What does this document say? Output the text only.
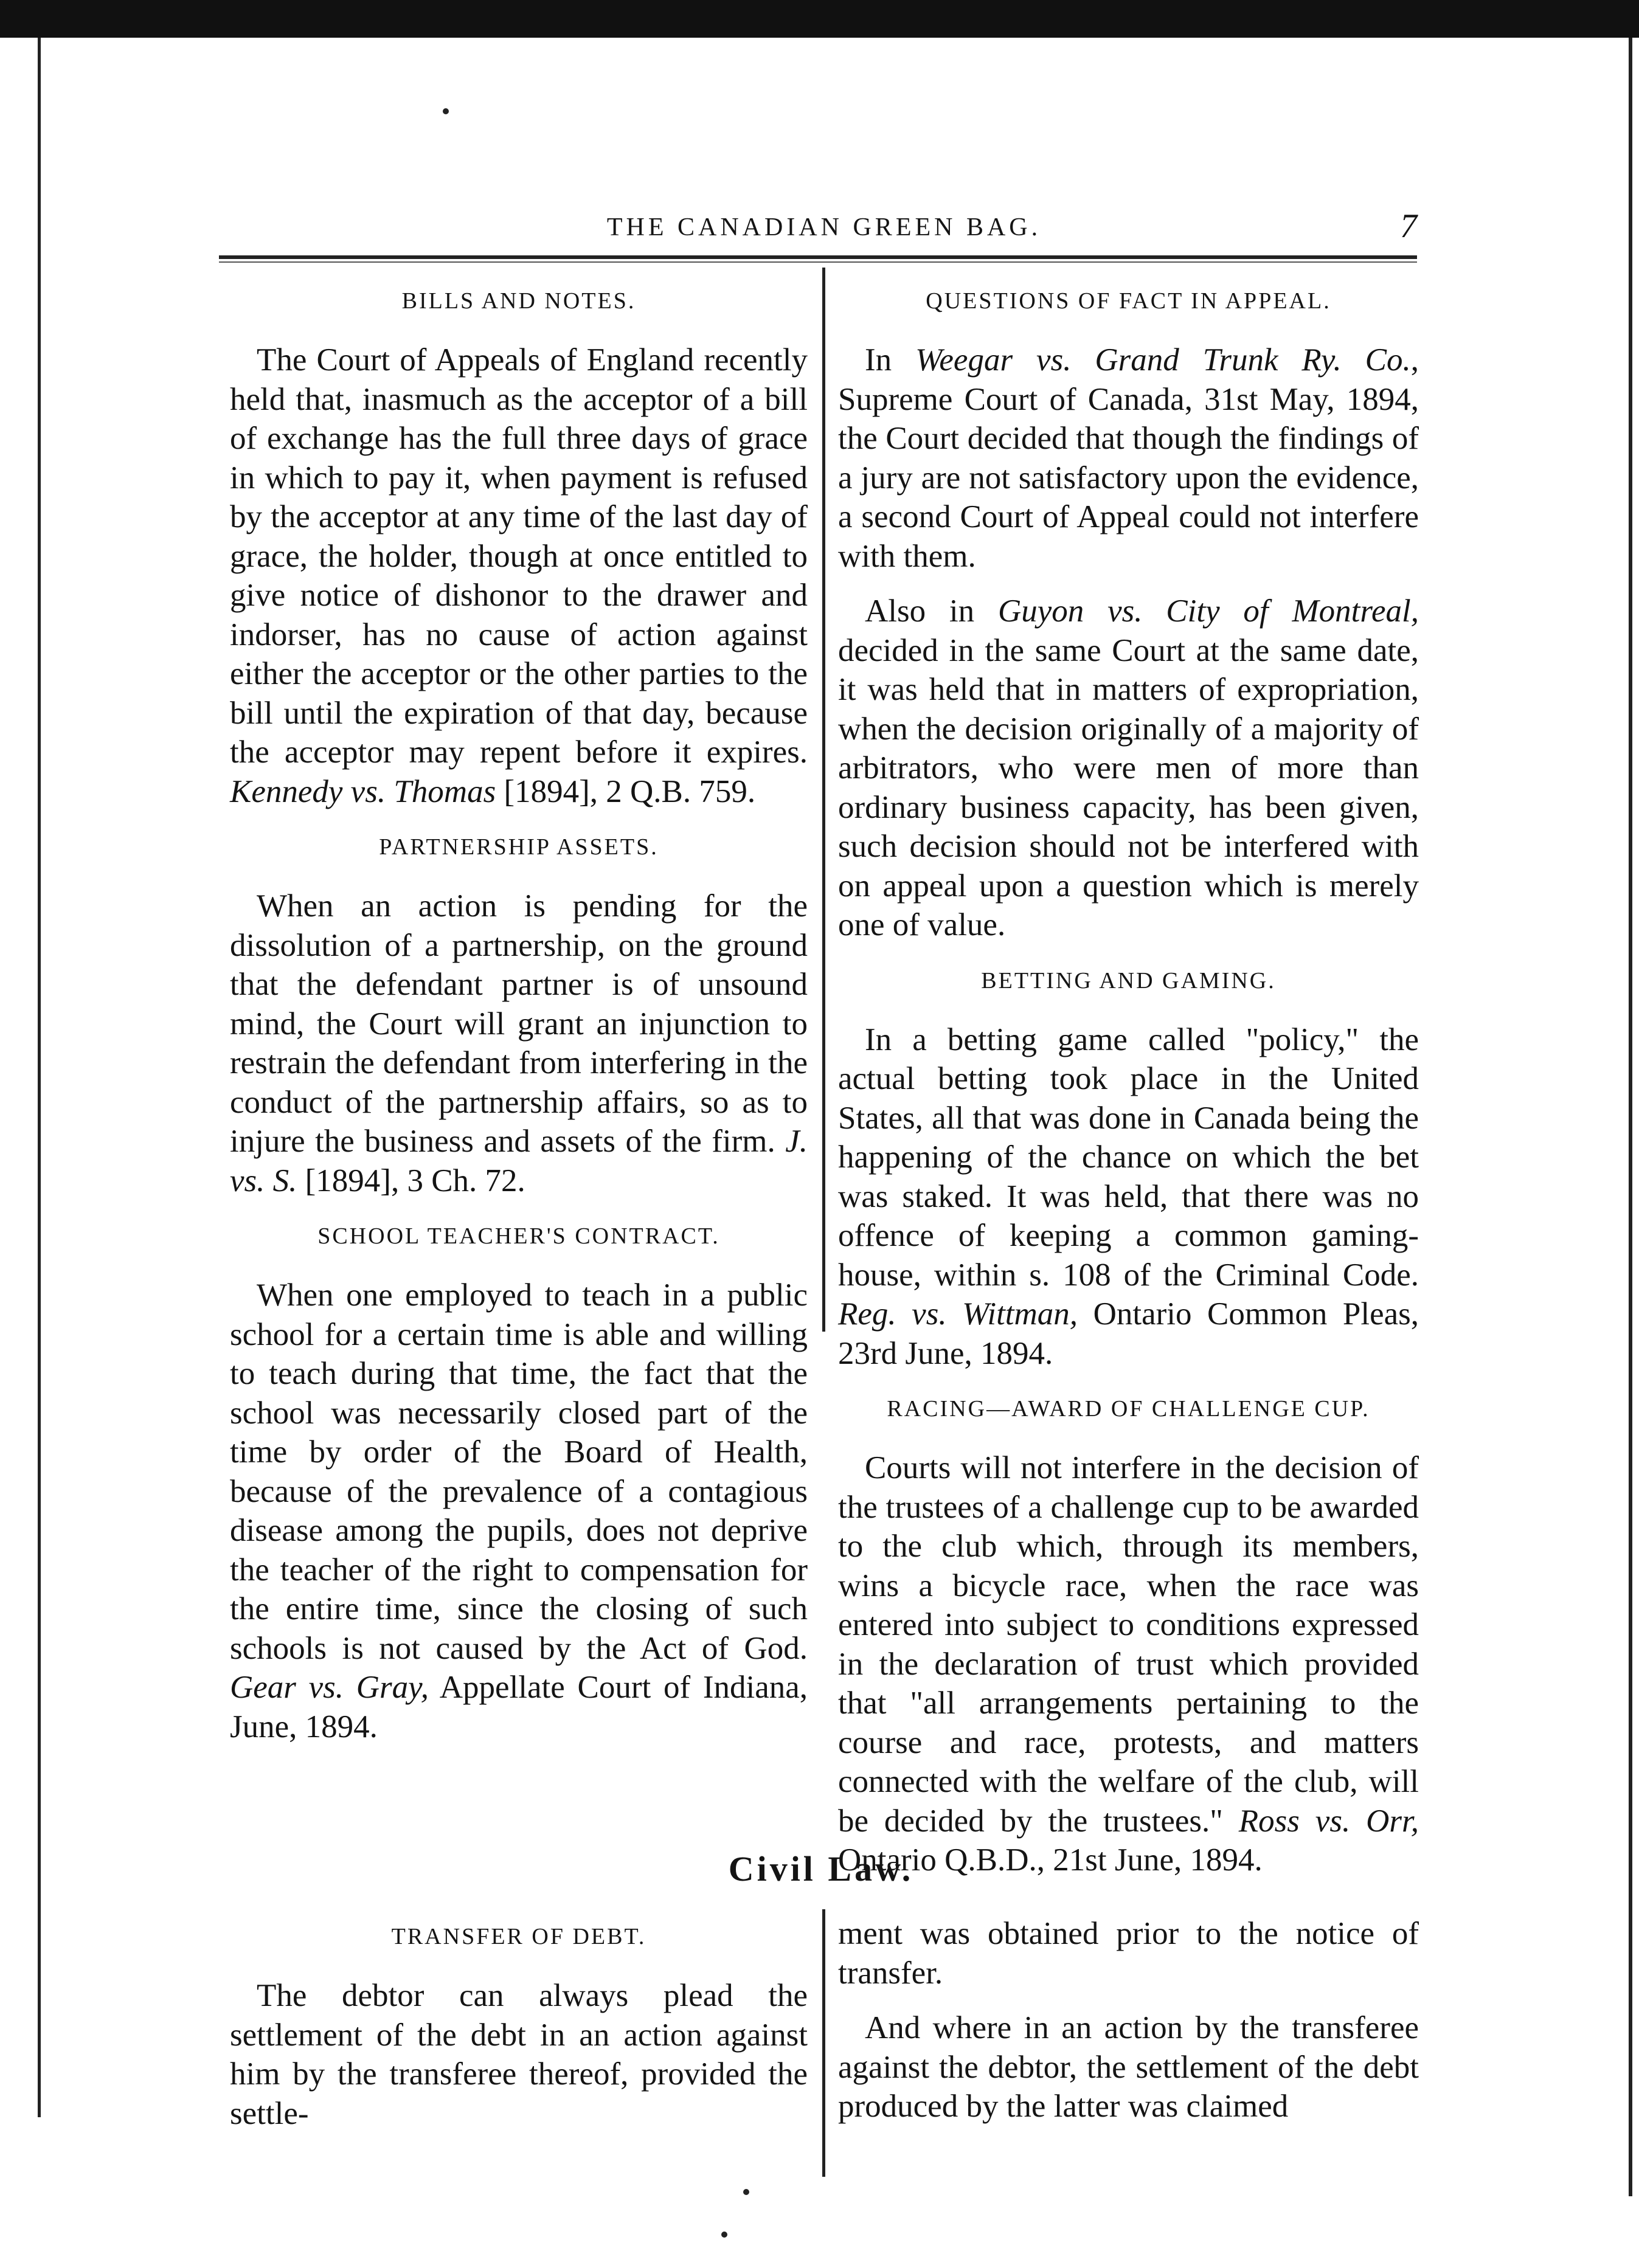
THE CANADIAN GREEN BAG.	7
BILLS AND NOTES.

The Court of Appeals of England recently held that, inasmuch as the acceptor of a bill of exchange has the full three days of grace in which to pay it, when payment is refused by the acceptor at any time of the last day of grace, the holder, though at once entitled to give notice of dishonor to the drawer and indorser, has no cause of action against either the acceptor or the other parties to the bill until the expiration of that day, because the acceptor may repent before it expires. Kennedy vs. Thomas [1894], 2 Q.B. 759.

PARTNERSHIP ASSETS.

When an action is pending for the dissolution of a partnership, on the ground that the defendant partner is of unsound mind, the Court will grant an injunction to restrain the defendant from interfering in the conduct of the partnership affairs, so as to injure the business and assets of the firm. J. vs. S. [1894], 3 Ch. 72.

SCHOOL TEACHER'S CONTRACT.

When one employed to teach in a public school for a certain time is able and willing to teach during that time, the fact that the school was necessarily closed part of the time by order of the Board of Health, because of the prevalence of a contagious disease among the pupils, does not deprive the teacher of the right to compensation for the entire time, since the closing of such schools is not caused by the Act of God. Gear vs. Gray, Appellate Court of Indiana, June, 1894.

QUESTIONS OF FACT IN APPEAL.

In Weegar vs. Grand Trunk Ry. Co., Supreme Court of Canada, 31st May, 1894, the Court decided that though the findings of a jury are not satisfactory upon the evidence, a second Court of Appeal could not interfere with them.

Also in Guyon vs. City of Montreal, decided in the same Court at the same date, it was held that in matters of expropriation, when the decision originally of a majority of arbitrators, who were men of more than ordinary business capacity, has been given, such decision should not be interfered with on appeal upon a question which is merely one of value.

BETTING AND GAMING.

In a betting game called "policy," the actual betting took place in the United States, all that was done in Canada being the happening of the chance on which the bet was staked. It was held, that there was no offence of keeping a common gaming-house, within s. 108 of the Criminal Code. Reg. vs. Wittman, Ontario Common Pleas, 23rd June, 1894.

RACING—AWARD OF CHALLENGE CUP.

Courts will not interfere in the decision of the trustees of a challenge cup to be awarded to the club which, through its members, wins a bicycle race, when the race was entered into subject to conditions expressed in the declaration of trust which provided that "all arrangements pertaining to the course and race, protests, and matters connected with the welfare of the club, will be decided by the trustees." Ross vs. Orr, Ontario Q.B.D., 21st June, 1894.

Civil Law.
TRANSFER OF DEBT.

The debtor can always plead the settlement of the debt in an action against him by the transferee thereof, provided the settle-

ment was obtained prior to the notice of transfer.

And where in an action by the transferee against the debtor, the settlement of the debt produced by the latter was claimed
